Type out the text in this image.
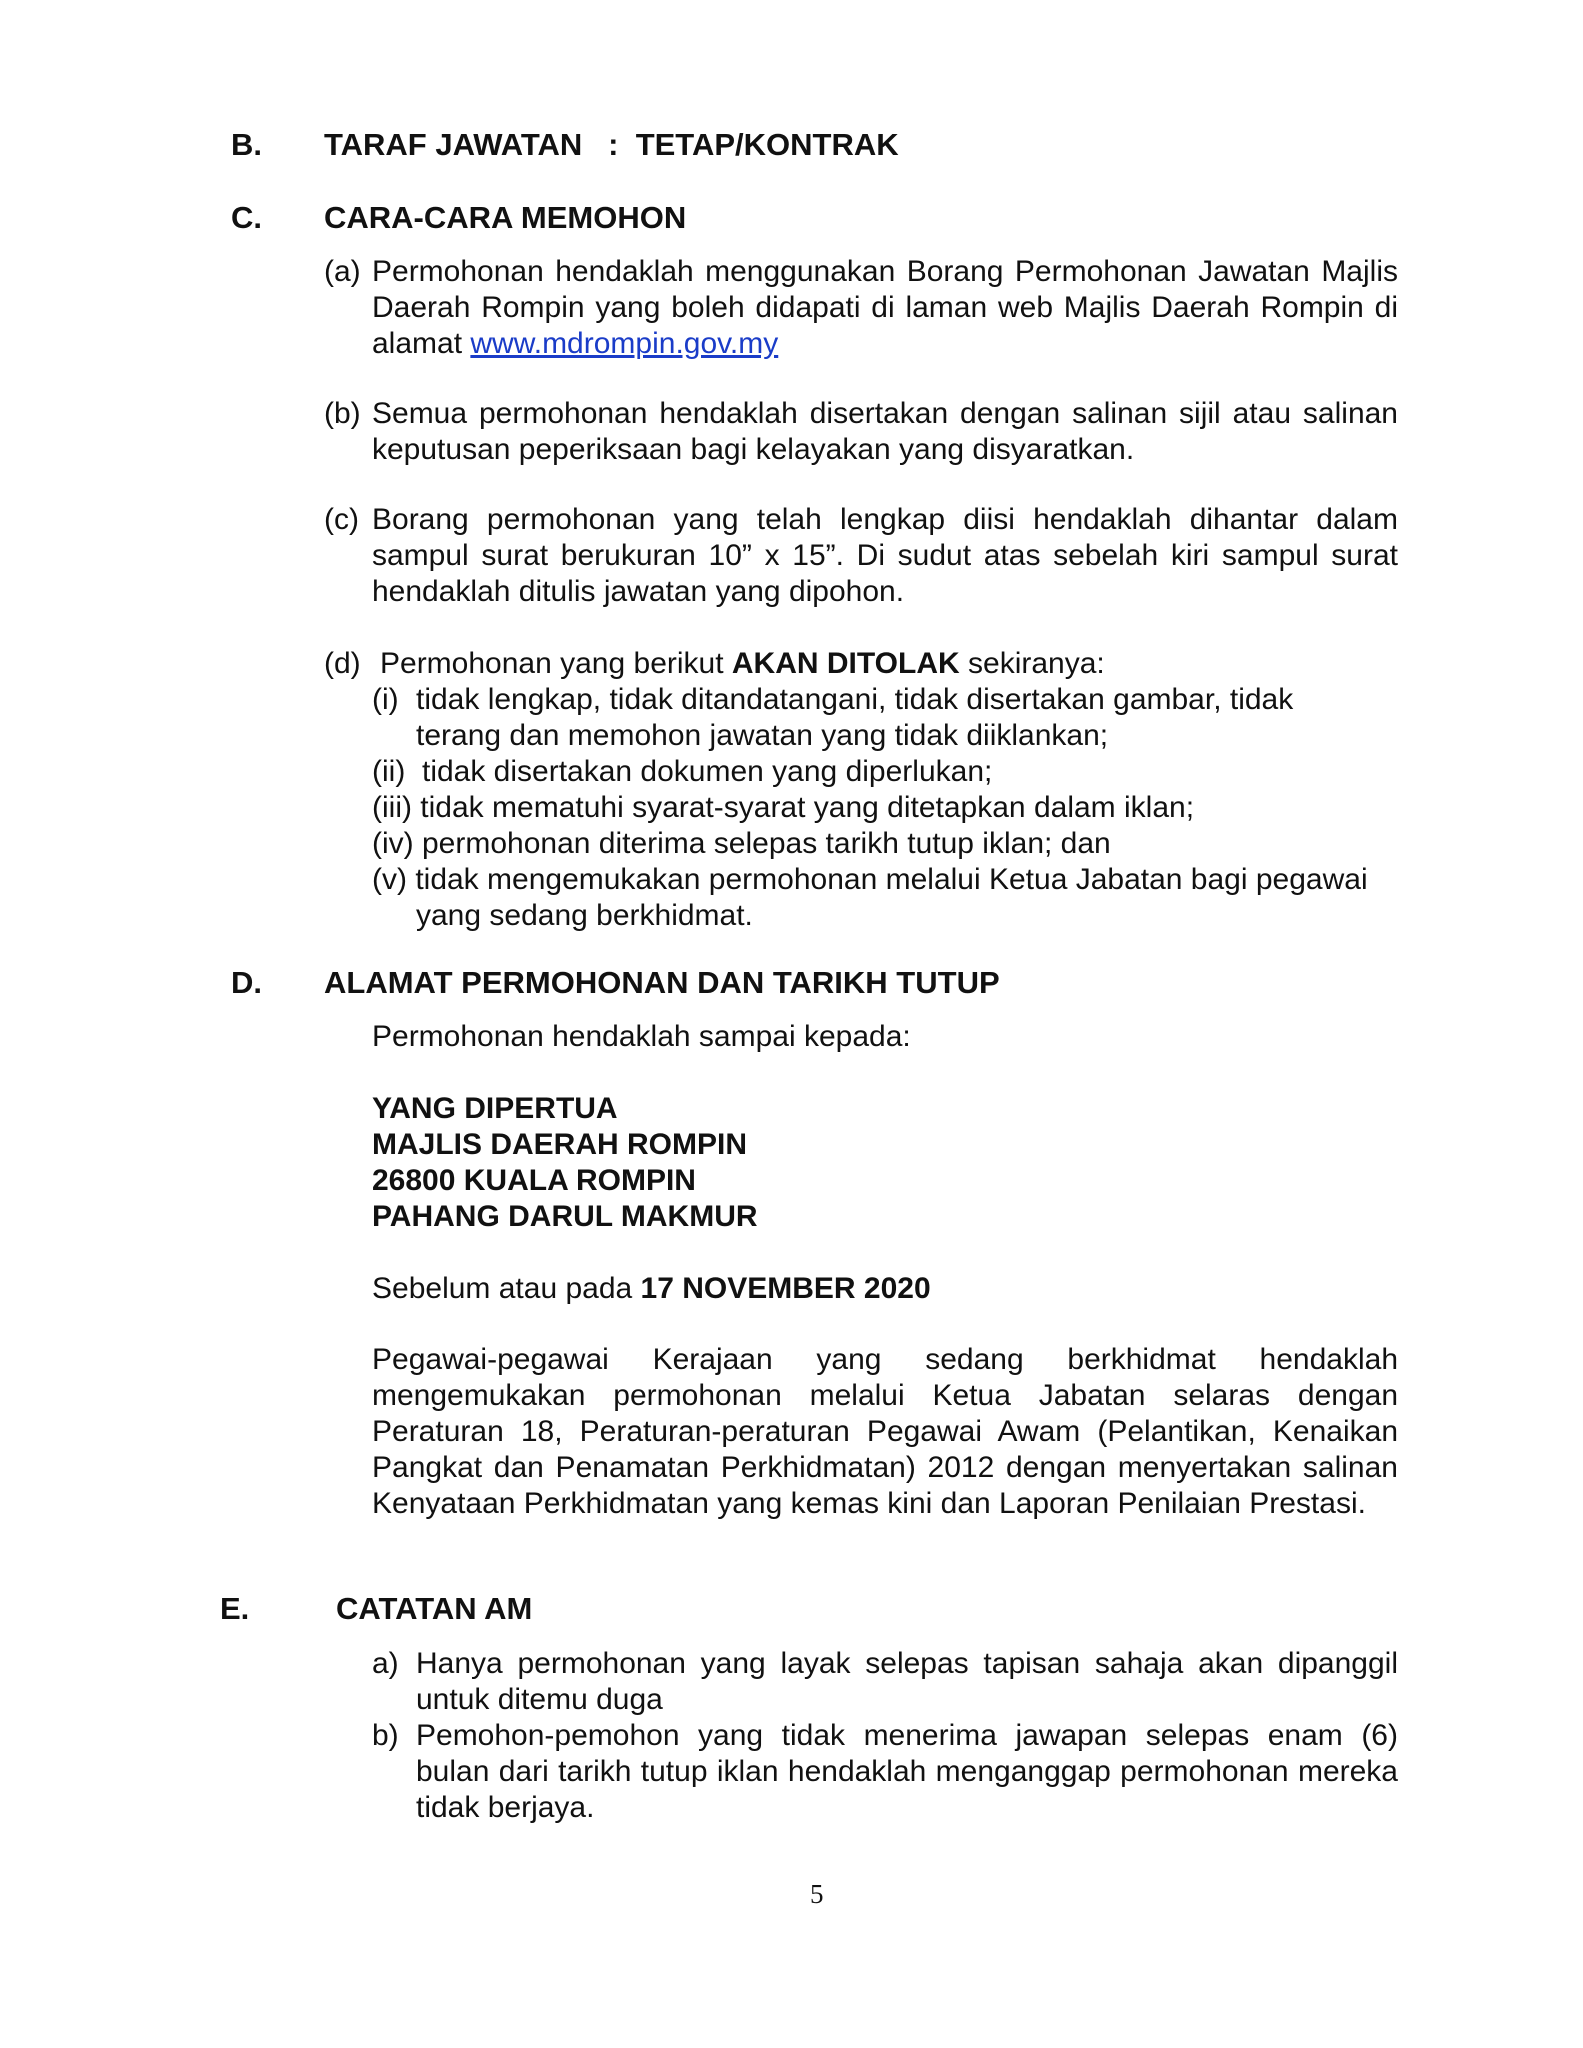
B. TARAF JAWATAN   :  TETAP/KONTRAK
C. CARA-CARA MEMOHON
(a) Permohonan hendaklah menggunakan Borang Permohonan Jawatan Majlis Daerah Rompin yang boleh didapati di laman web Majlis Daerah Rompin di alamat www.mdrompin.gov.my

(b) Semua permohonan hendaklah disertakan dengan salinan sijil atau salinan keputusan peperiksaan bagi kelayakan yang disyaratkan.

(c) Borang permohonan yang telah lengkap diisi hendaklah dihantar dalam sampul surat berukuran 10” x 15”. Di sudut atas sebelah kiri sampul surat hendaklah ditulis jawatan yang dipohon.

(d) Permohonan yang berikut AKAN DITOLAK sekiranya:
(i) tidak lengkap, tidak ditandatangani, tidak disertakan gambar, tidak
terang dan memohon jawatan yang tidak diiklankan;
(ii)  tidak disertakan dokumen yang diperlukan;
(iii) tidak mematuhi syarat-syarat yang ditetapkan dalam iklan;
(iv) permohonan diterima selepas tarikh tutup iklan; dan
(v) tidak mengemukakan permohonan melalui Ketua Jabatan bagi pegawai
yang sedang berkhidmat.
D. ALAMAT PERMOHONAN DAN TARIKH TUTUP
Permohonan hendaklah sampai kepada:
YANG DIPERTUA
MAJLIS DAERAH ROMPIN
26800 KUALA ROMPIN
PAHANG DARUL MAKMUR
Sebelum atau pada 17 NOVEMBER 2020

Pegawai-pegawai Kerajaan yang sedang berkhidmat hendaklah mengemukakan permohonan melalui Ketua Jabatan selaras dengan Peraturan 18, Peraturan-peraturan Pegawai Awam (Pelantikan, Kenaikan Pangkat dan Penamatan Perkhidmatan) 2012 dengan menyertakan salinan Kenyataan Perkhidmatan yang kemas kini dan Laporan Penilaian Prestasi.

E.	CATATAN AM
a) Hanya permohonan yang layak selepas tapisan sahaja akan dipanggil untuk ditemu duga

b) Pemohon-pemohon yang tidak menerima jawapan selepas enam (6) bulan dari tarikh tutup iklan hendaklah menganggap permohonan mereka tidak berjaya.

5
